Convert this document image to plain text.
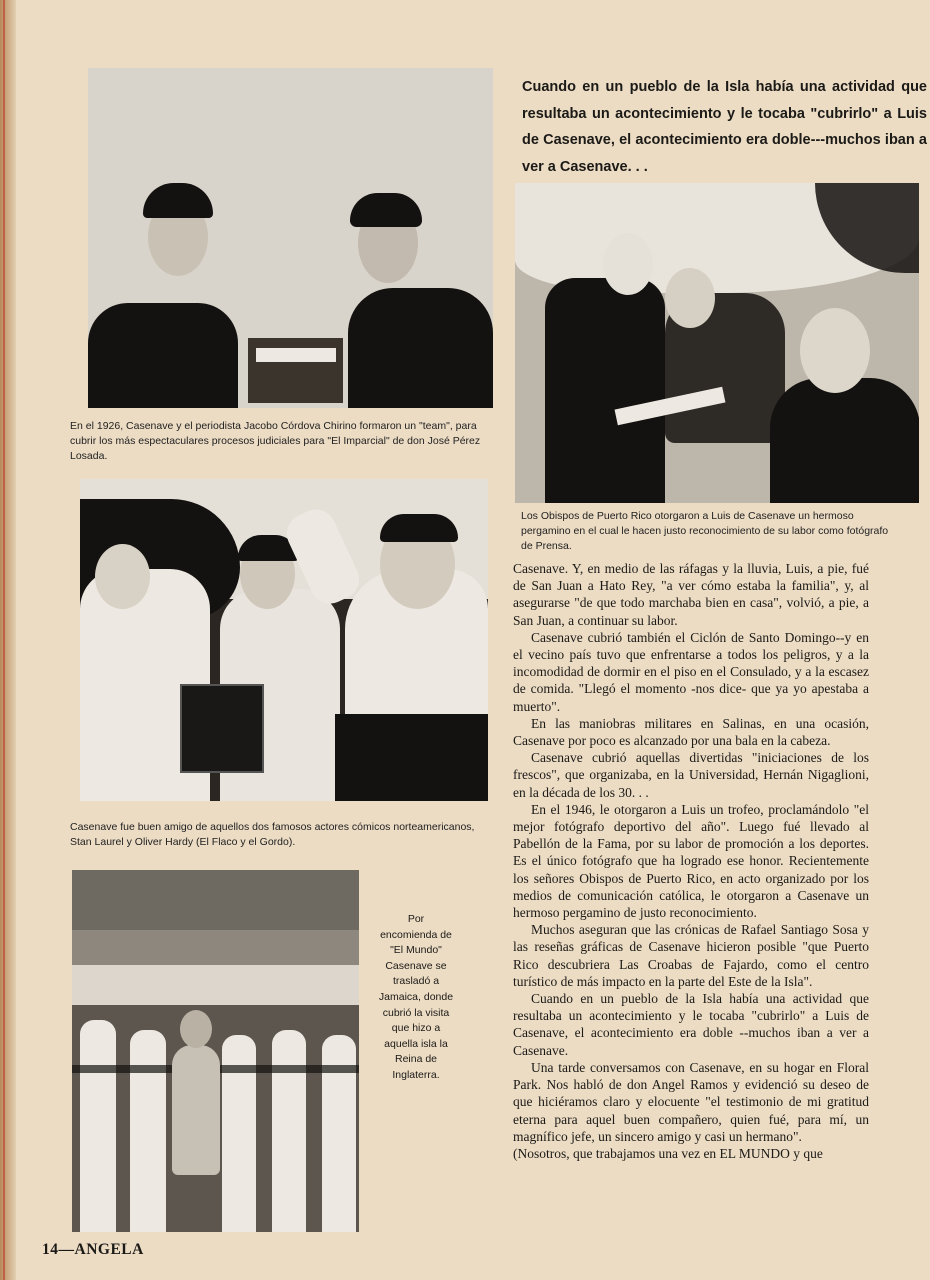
En el 1926, Casenave y el periodista Jacobo Córdova Chirino formaron un "team", para cubrir los más espectaculares procesos judiciales para "El Imparcial" de don José Pérez Losada.
Los Obispos de Puerto Rico otorgaron a Luis de Casenave un hermoso pergamino en el cual le hacen justo reconocimiento de su labor como fotógrafo de Prensa.
Cuando en un pueblo de la Isla había una actividad que resultaba un acontecimiento y le tocaba "cubrirlo" a Luis de Casenave, el acontecimiento era doble---muchos iban a ver a Casenave. . .
Casenave fue buen amigo de aquellos dos famosos actores cómicos norteamericanos, Stan Laurel y Oliver Hardy (El Flaco y el Gordo).
Por encomienda de "El Mundo" Casenave se trasladó a Jamaica, donde cubrió la visita que hizo a aquella isla la Reina de Inglaterra.

Casenave. Y, en medio de las ráfagas y la lluvia, Luis, a pie, fué de San Juan a Hato Rey, "a ver cómo estaba la familia", y, al asegurarse "de que todo marchaba bien en casa", volvió, a pie, a San Juan, a continuar su labor.

Casenave cubrió también el Ciclón de Santo Domingo--y en el vecino país tuvo que enfrentarse a todos los peligros, y a la incomodidad de dormir en el piso en el Consulado, y a la escasez de comida. "Llegó el momento -nos dice- que ya yo apestaba a muerto".

En las maniobras militares en Salinas, en una ocasión, Casenave por poco es alcanzado por una bala en la cabeza.

Casenave cubrió aquellas divertidas "iniciaciones de los frescos", que organizaba, en la Universidad, Hernán Nigaglioni, en la década de los 30. . .

En el 1946, le otorgaron a Luis un trofeo, proclamándolo "el mejor fotógrafo deportivo del año". Luego fué llevado al Pabellón de la Fama, por su labor de promoción a los deportes. Es el único fotógrafo que ha logrado ese honor. Recientemente los señores Obispos de Puerto Rico, en acto organizado por los medios de comunicación católica, le otorgaron a Casenave un hermoso pergamino de justo reconocimiento.

Muchos aseguran que las crónicas de Rafael Santiago Sosa y las reseñas gráficas de Casenave hicieron posible "que Puerto Rico descubriera Las Croabas de Fajardo, como el centro turístico de más impacto en la parte del Este de la Isla".

Cuando en un pueblo de la Isla había una actividad que resultaba un acontecimiento y le tocaba "cubrirlo" a Luis de Casenave, el acontecimiento era doble --muchos iban a ver a Casenave.

Una tarde conversamos con Casenave, en su hogar en Floral Park. Nos habló de don Angel Ramos y evidenció su deseo de que hiciéramos claro y elocuente "el testimonio de mi gratitud eterna para aquel buen compañero, quien fué, para mí, un magnífico jefe, un sincero amigo y casi un hermano".

(Nosotros, que trabajamos una vez en EL MUNDO y que

14—ANGELA
